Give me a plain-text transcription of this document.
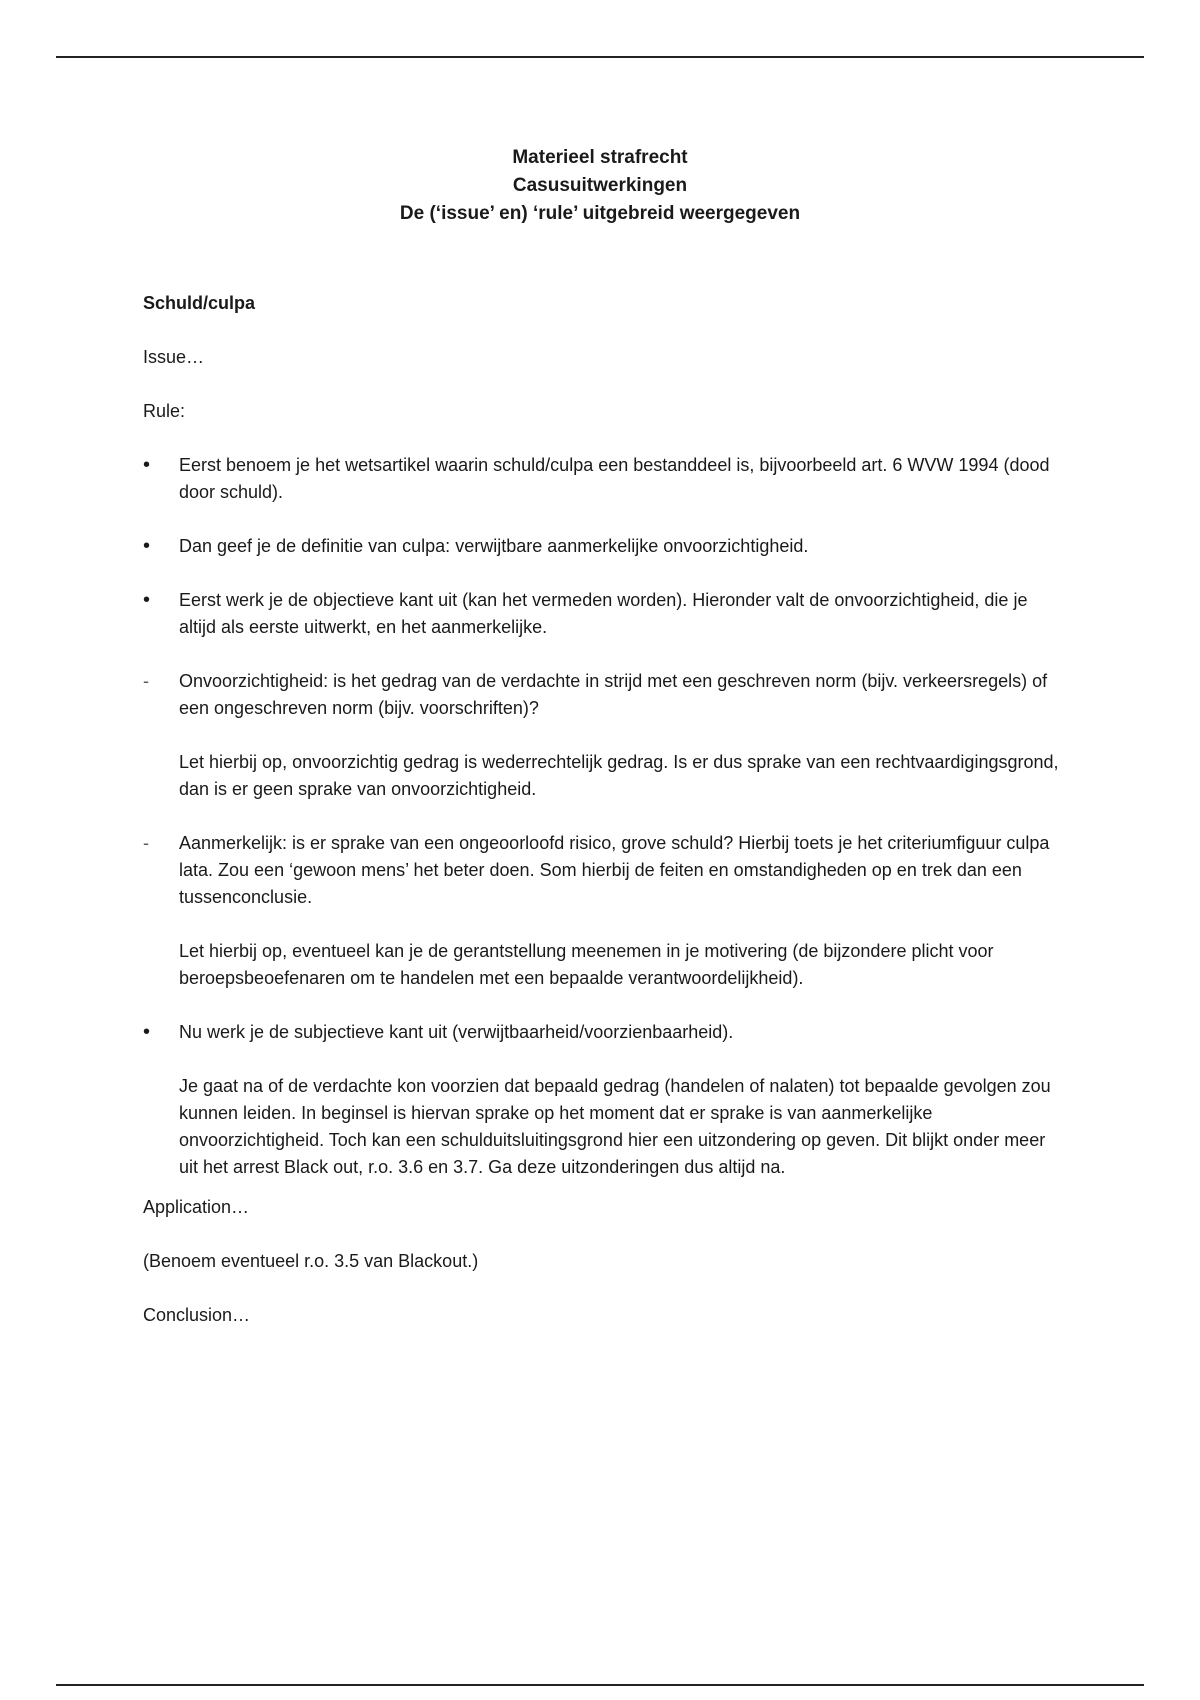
Materieel strafrecht
Casusuitwerkingen
De (‘issue’ en) ‘rule’ uitgebreid weergegeven

Schuld/culpa

Issue…

Rule:

•	Eerst benoem je het wetsartikel waarin schuld/culpa een bestanddeel is, bijvoorbeeld art. 6 WVW 1994 (dood door schuld).
•	Dan geef je de definitie van culpa: verwijtbare aanmerkelijke onvoorzichtigheid.
•	Eerst werk je de objectieve kant uit (kan het vermeden worden). Hieronder valt de onvoorzichtigheid, die je altijd als eerste uitwerkt, en het aanmerkelijke.
-	Onvoorzichtigheid: is het gedrag van de verdachte in strijd met een geschreven norm (bijv. verkeersregels) of een ongeschreven norm (bijv. voorschriften)?

Let hierbij op, onvoorzichtig gedrag is wederrechtelijk gedrag. Is er dus sprake van een rechtvaardigingsgrond, dan is er geen sprake van onvoorzichtigheid.

-	Aanmerkelijk: is er sprake van een ongeoorloofd risico, grove schuld? Hierbij toets je het criteriumfiguur culpa lata. Zou een ‘gewoon mens’ het beter doen. Som hierbij de feiten en omstandigheden op en trek dan een tussenconclusie.

Let hierbij op, eventueel kan je de gerantstellung meenemen in je motivering (de bijzondere plicht voor beroepsbeoefenaren om te handelen met een bepaalde verantwoordelijkheid).

•	Nu werk je de subjectieve kant uit (verwijtbaarheid/voorzienbaarheid).

Je gaat na of de verdachte kon voorzien dat bepaald gedrag (handelen of nalaten) tot bepaalde gevolgen zou kunnen leiden. In beginsel is hiervan sprake op het moment dat er sprake is van aanmerkelijke onvoorzichtigheid. Toch kan een schulduitsluitingsgrond hier een uitzondering op geven. Dit blijkt onder meer uit het arrest Black out, r.o. 3.6 en 3.7. Ga deze uitzonderingen dus altijd na.

Application…

(Benoem eventueel r.o. 3.5 van Blackout.)

Conclusion…
